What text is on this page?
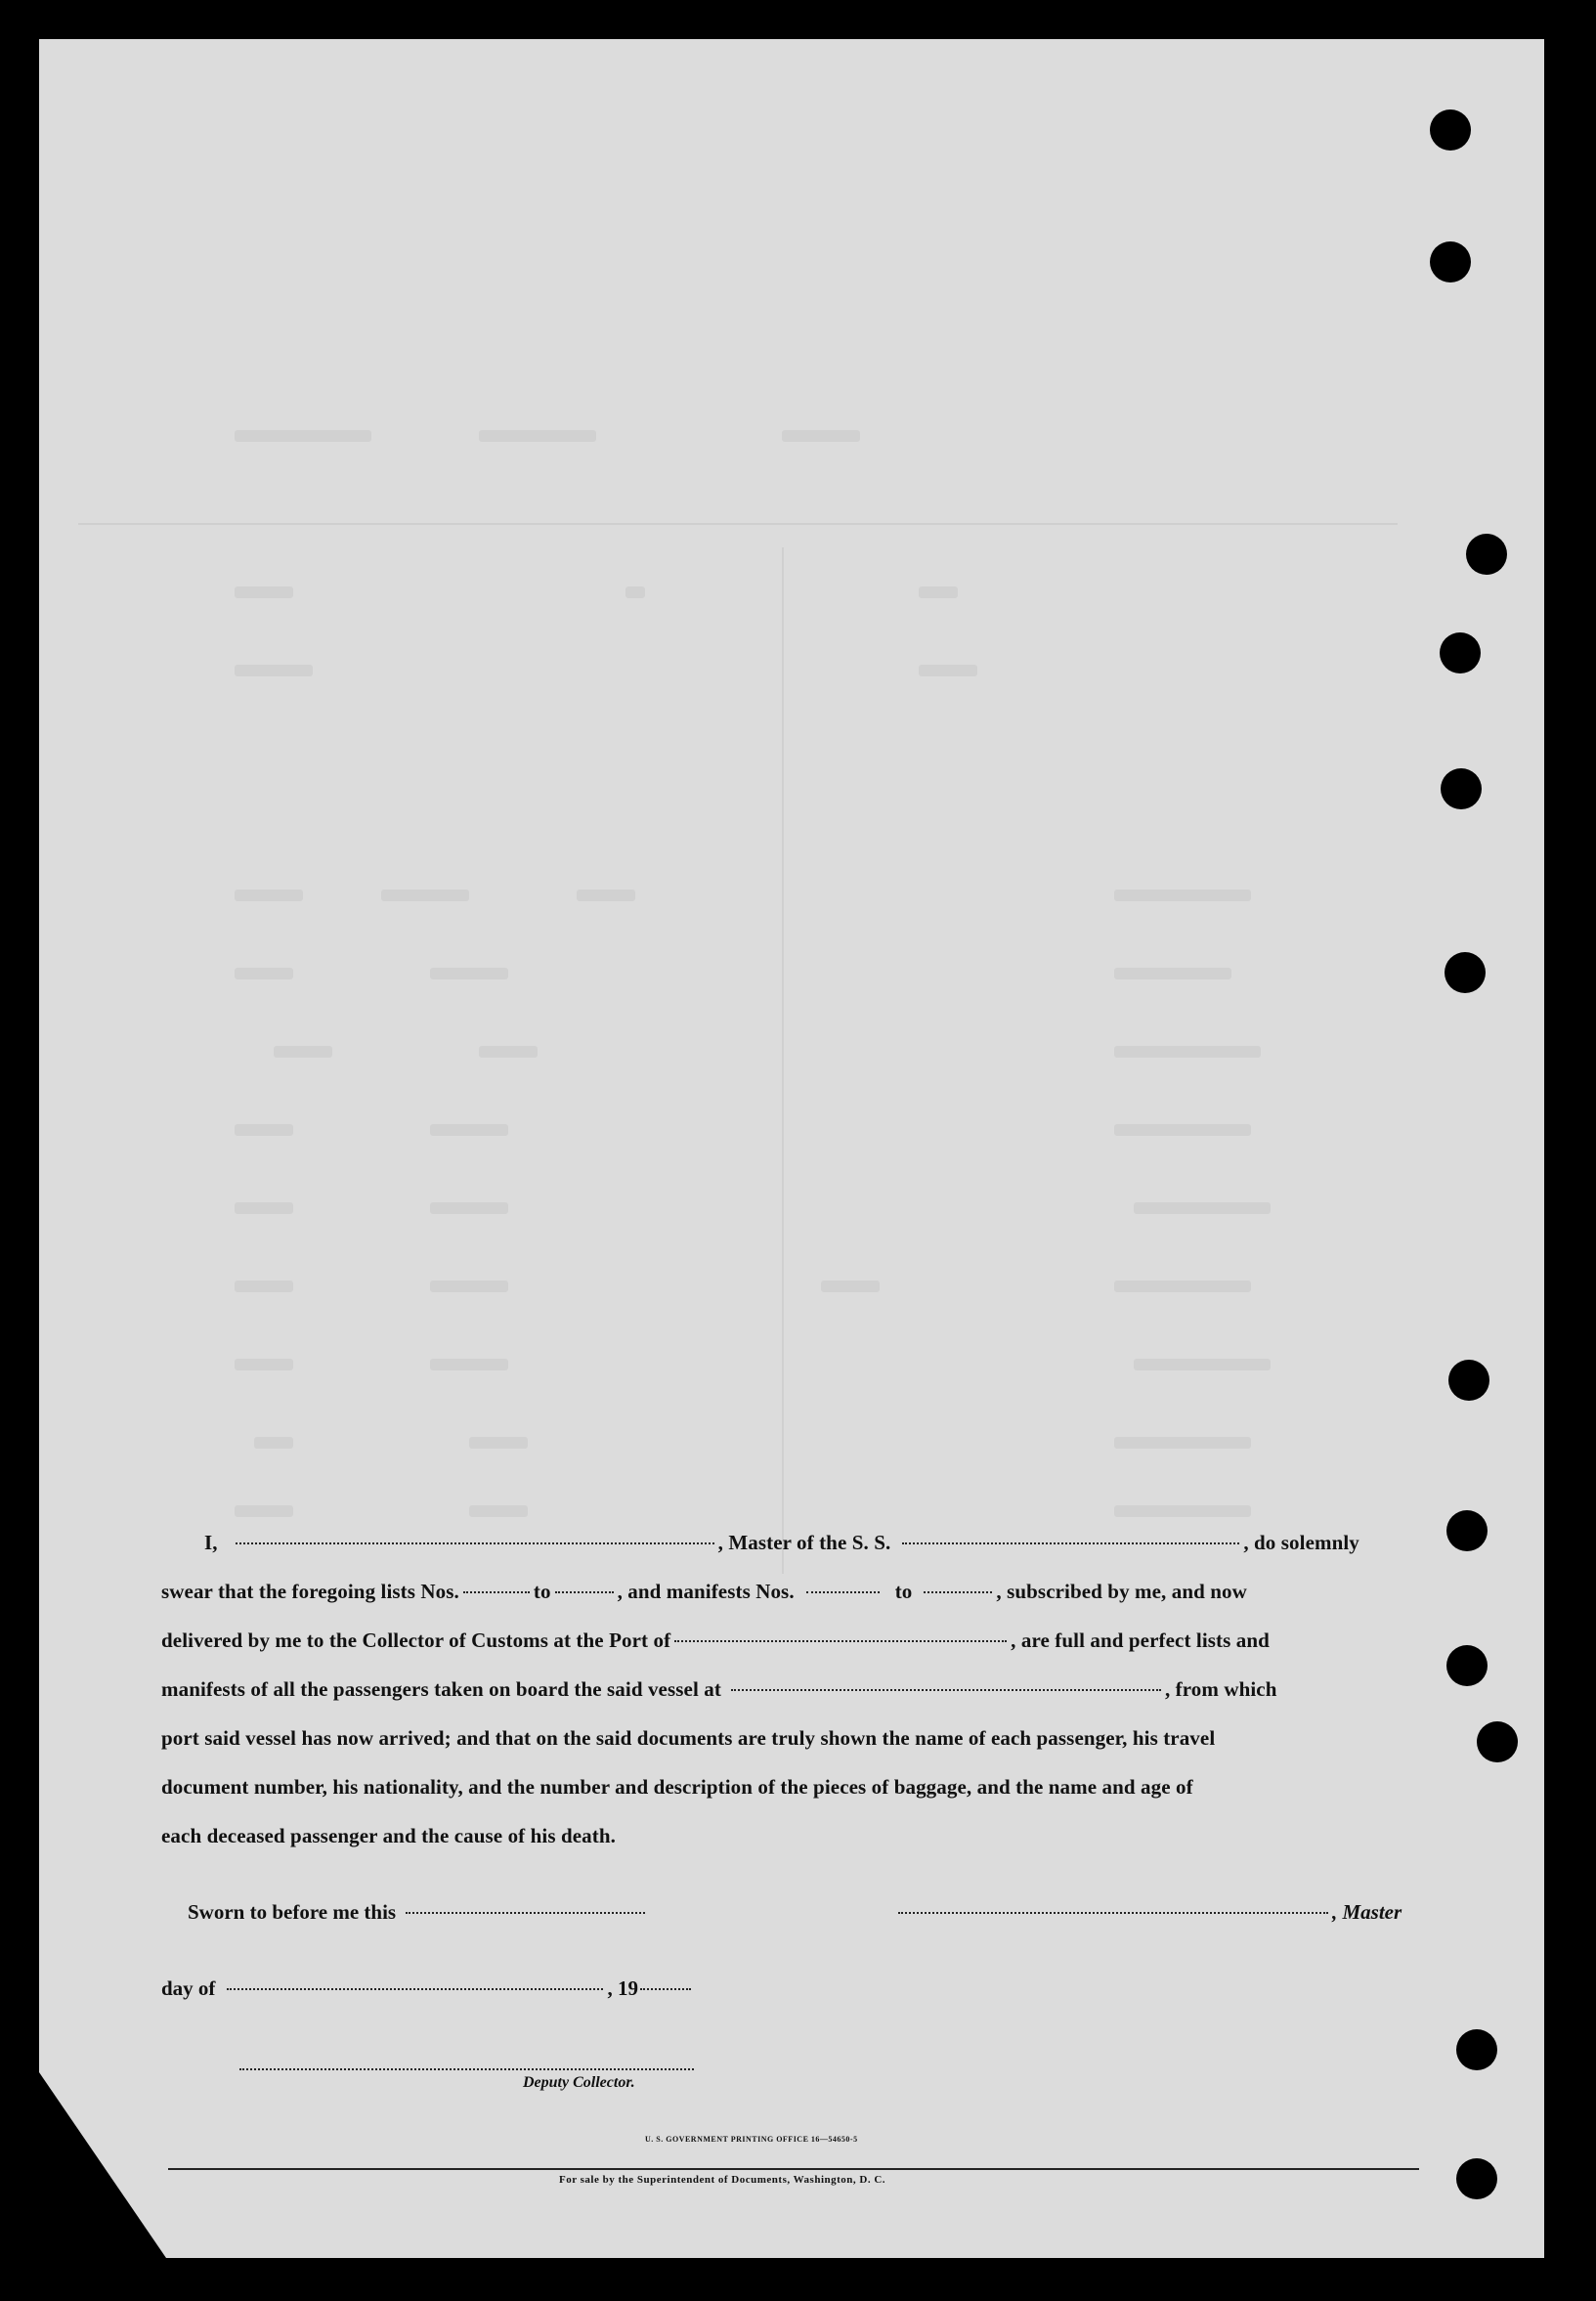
I,	, Master of the S. S.	, do solemnly
swear that the foregoing lists Nos.	to	, and manifests Nos.	to	, subscribed by me, and now
delivered by me to the Collector of Customs at the Port of	, are full and perfect lists and
manifests of all the passengers taken on board the said vessel at	, from which
port said vessel has now arrived; and that on the said documents are truly shown the name of each passenger, his travel
document number, his nationality, and the number and description of the pieces of baggage, and the name and age of
each deceased passenger and the cause of his death.
Sworn to before me this	, Master
day of	, 19
Deputy Collector.
U. S. GOVERNMENT PRINTING OFFICE 16—54650-5
For sale by the Superintendent of Documents, Washington, D. C.
